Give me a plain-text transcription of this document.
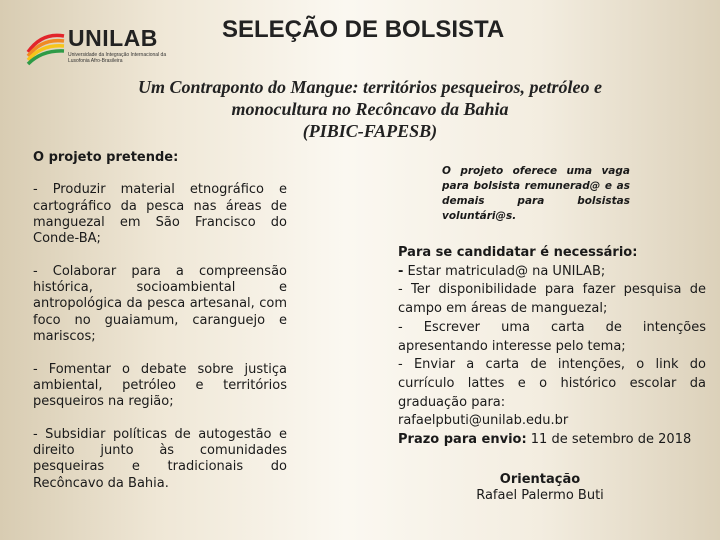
UNILAB
Universidade da Integração Internacional da Lusofonia Afro-Brasileira
SELEÇÃO DE BOLSISTA
Um Contraponto do Mangue: territórios pesqueiros, petróleo e
monocultura no Recôncavo da Bahia
(PIBIC-FAPESB)
O projeto pretende:
- Produzir material etnográfico e cartográfico da pesca nas áreas de manguezal em São Francisco do Conde-BA;
- Colaborar para a compreensão histórica, socioambiental e antropológica da pesca artesanal, com foco no guaiamum, caranguejo e mariscos;
- Fomentar o debate sobre justiça ambiental, petróleo e territórios pesqueiros na região;
- Subsidiar políticas de autogestão e direito junto às comunidades pesqueiras e tradicionais do Recôncavo da Bahia.
O projeto oferece uma vaga para bolsista remunerad@ e as demais para bolsistas voluntári@s.
Para se candidatar é necessário:
- Estar matriculad@ na UNILAB;
- Ter disponibilidade para fazer pesquisa de campo em áreas de manguezal;
- Escrever uma carta de intenções apresentando interesse pelo tema;
- Enviar a carta de intenções, o link do currículo lattes e o histórico escolar da graduação para:
rafaelpbuti@unilab.edu.br
Prazo para envio: 11 de setembro de 2018
Orientação
Rafael Palermo Buti
